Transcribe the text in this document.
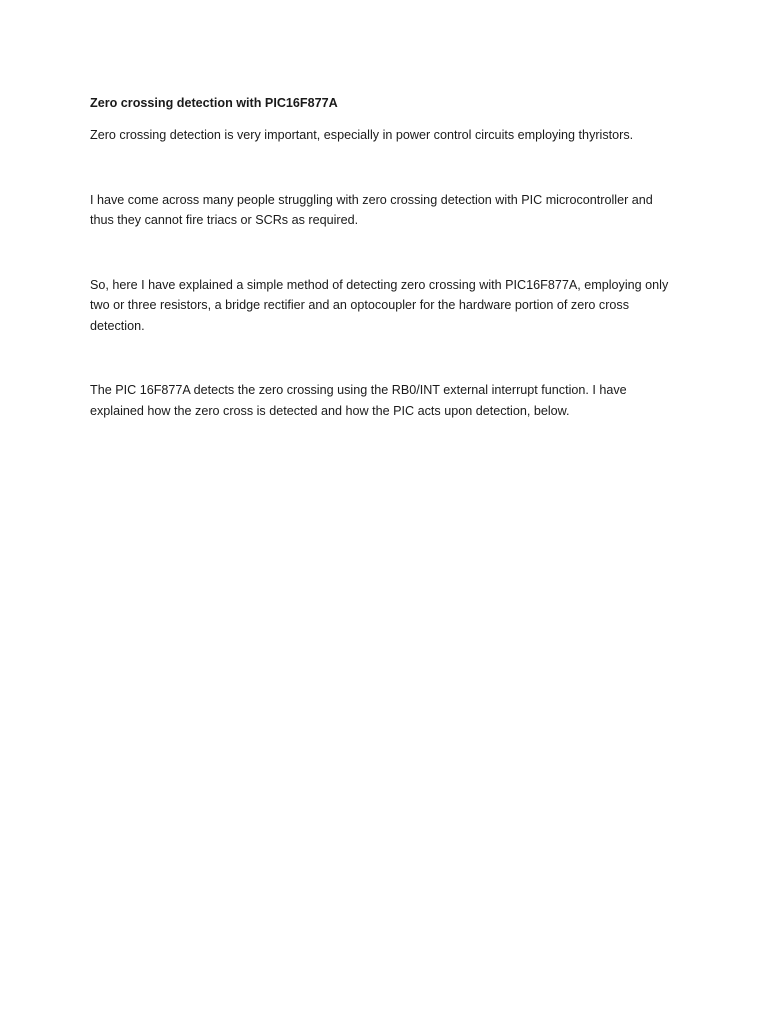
Zero crossing detection with PIC16F877A

Zero crossing detection is very important, especially in power control circuits employing thyristors.

I have come across many people struggling with zero crossing detection with PIC microcontroller and thus they cannot fire triacs or SCRs as required.

So, here I have explained a simple method of detecting zero crossing with PIC16F877A, employing only two or three resistors, a bridge rectifier and an optocoupler for the hardware portion of zero cross detection.

The PIC 16F877A detects the zero crossing using the RB0/INT external interrupt function. I have explained how the zero cross is detected and how the PIC acts upon detection, below.
